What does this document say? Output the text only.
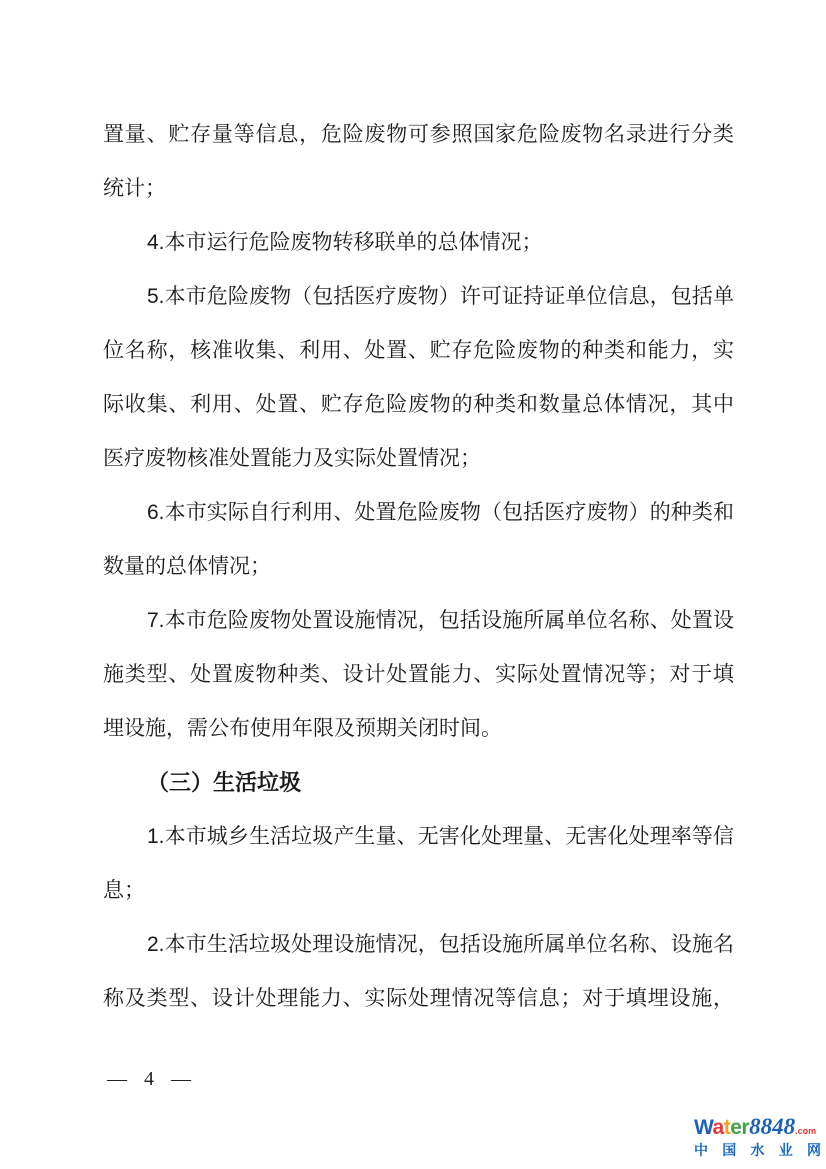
置量、贮存量等信息，危险废物可参照国家危险废物名录进行分类
统计；
4.本市运行危险废物转移联单的总体情况；
5.本市危险废物（包括医疗废物）许可证持证单位信息，包括单
位名称，核准收集、利用、处置、贮存危险废物的种类和能力，实
际收集、利用、处置、贮存危险废物的种类和数量总体情况，其中
医疗废物核准处置能力及实际处置情况；
6.本市实际自行利用、处置危险废物（包括医疗废物）的种类和
数量的总体情况；
7.本市危险废物处置设施情况，包括设施所属单位名称、处置设
施类型、处置废物种类、设计处置能力、实际处置情况等；对于填
埋设施，需公布使用年限及预期关闭时间。
（三）生活垃圾
1.本市城乡生活垃圾产生量、无害化处理量、无害化处理率等信
息；
2.本市生活垃圾处理设施情况，包括设施所属单位名称、设施名
称及类型、设计处理能力、实际处理情况等信息；对于填埋设施，
— 4 —
Water8848.com
中国水业网
